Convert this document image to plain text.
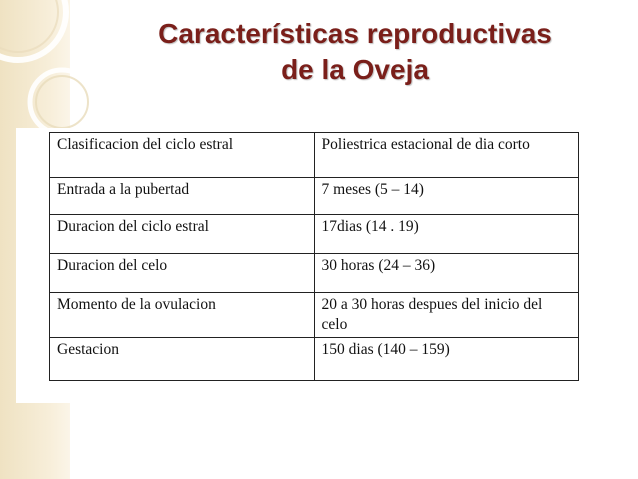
Características reproductivas
de la Oveja
Clasificacion del ciclo estral	Poliestrica estacional de dia corto
Entrada a la pubertad	7 meses (5 – 14)
Duracion del ciclo estral	17dias (14 . 19)
Duracion del celo	30 horas (24 – 36)
Momento de la ovulacion	20 a 30 horas despues del inicio del celo
Gestacion	150 dias (140 – 159)
